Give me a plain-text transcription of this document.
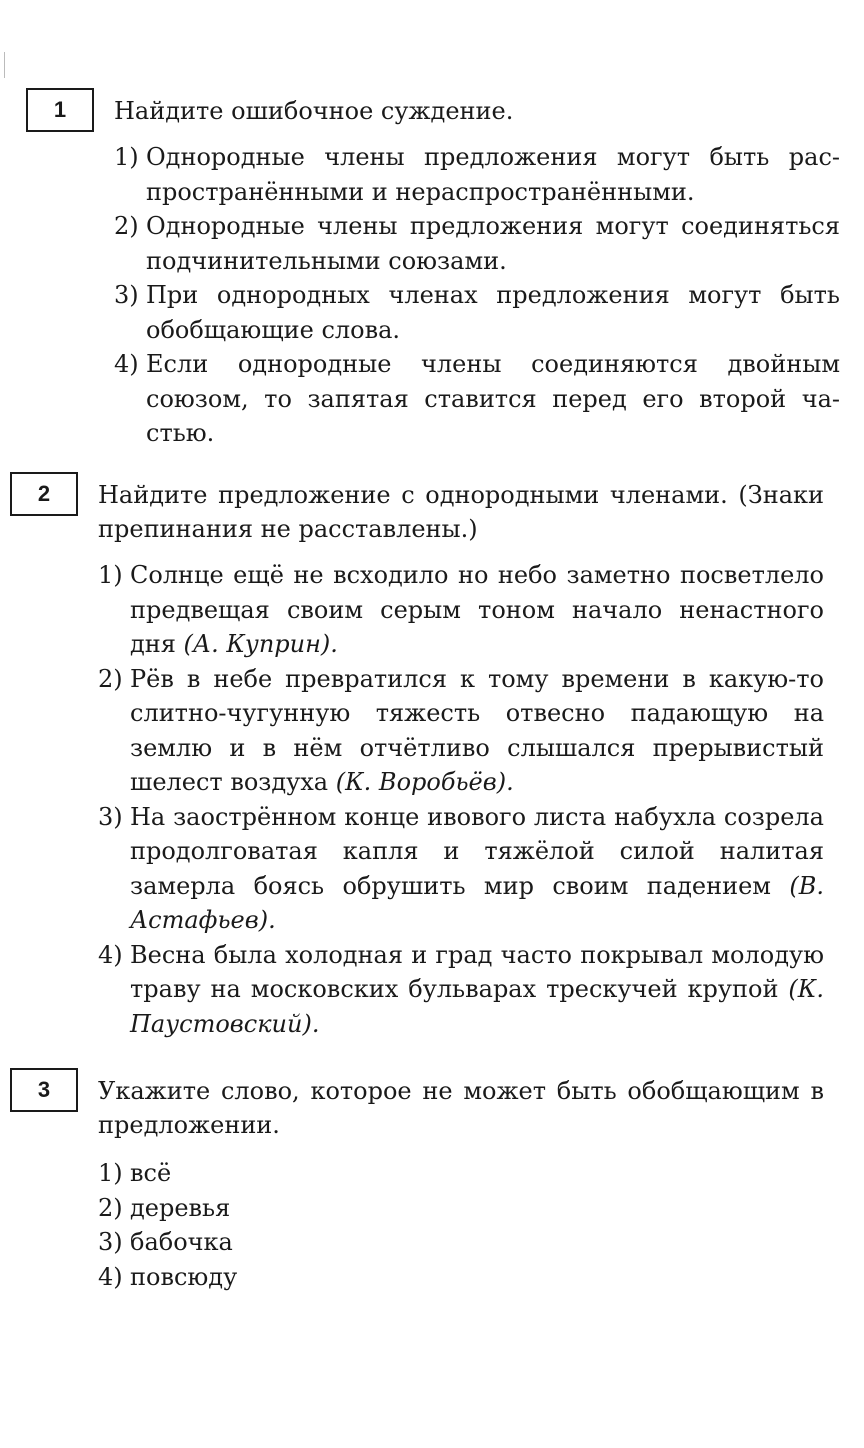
1	Найдите ошибочное суждение.
1) Однородные члены предложения могут быть распространёнными и нераспространёнными.
2) Однородные члены предложения могут соединяться подчинительными союзами.
3) При однородных членах предложения могут быть обобщающие слова.
4) Если однородные члены соединяются двойным союзом, то запятая ставится перед его второй частью.
2	Найдите предложение с однородными членами. (Знаки препинания не расставлены.)
1) Солнце ещё не всходило но небо заметно посветлело предвещая своим серым тоном начало ненастного дня (А. Куприн).
2) Рёв в небе превратился к тому времени в какую-то слитно-чугунную тяжесть отвесно падающую на землю и в нём отчётливо слышался прерывистый шелест воздуха (К. Воробьёв).
3) На заострённом конце ивового листа набухла созрела продолговатая капля и тяжёлой силой налитая замерла боясь обрушить мир своим падением (В. Астафьев).
4) Весна была холодная и град часто покрывал молодую траву на московских бульварах трескучей крупой (К. Паустовский).
3	Укажите слово, которое не может быть обобщающим в предложении.
1) всё
2) деревья
3) бабочка
4) повсюду
